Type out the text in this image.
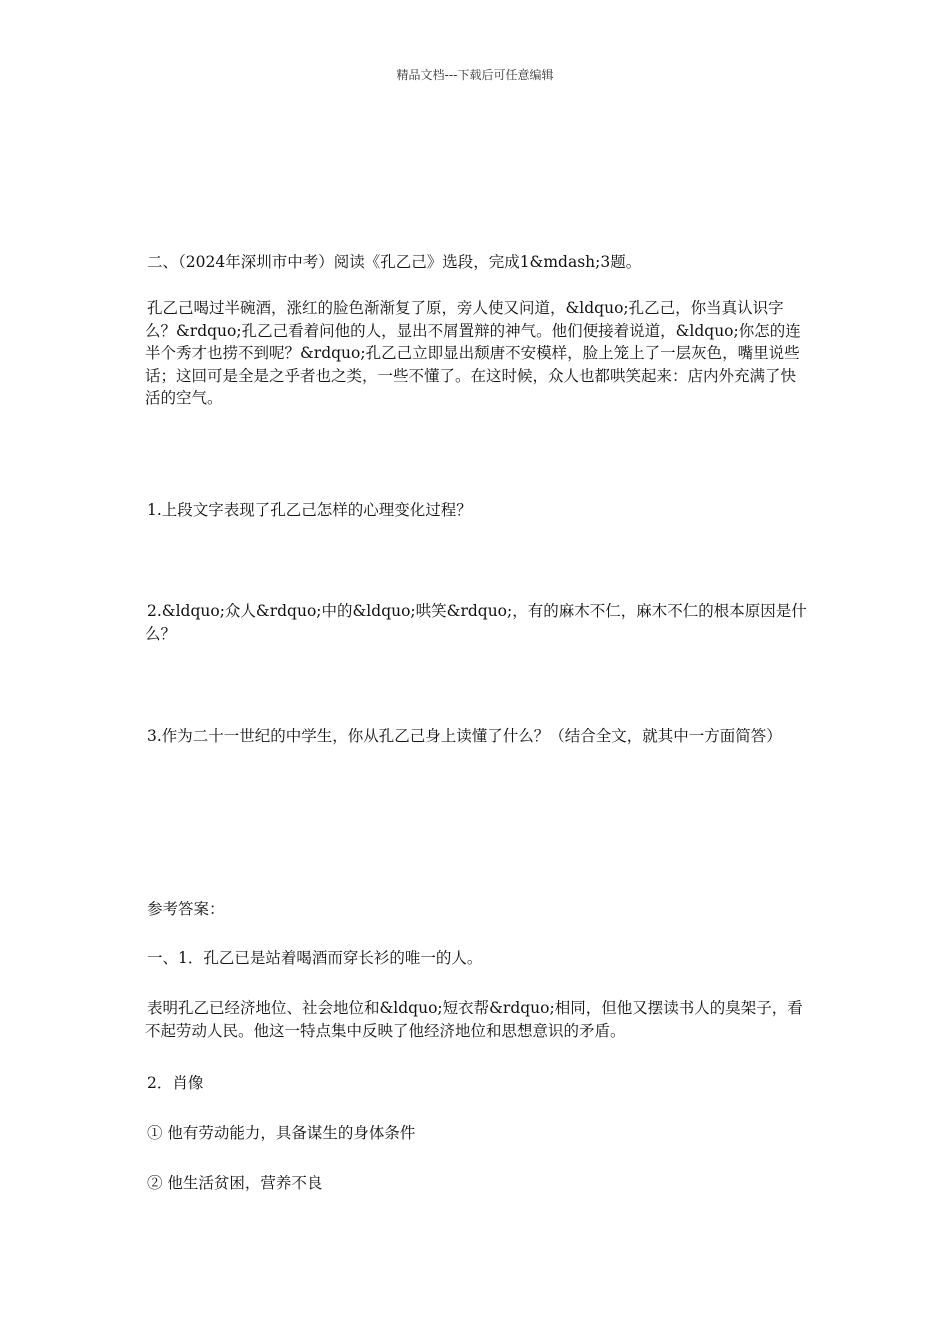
精品文档---下载后可任意编辑

二、（2024年深圳市中考）阅读《孔乙己》选段，完成1&mdash;3题。

孔乙己喝过半碗酒，涨红的脸色渐渐复了原，旁人使又问道，&ldquo;孔乙己，你当真认识字么？&rdquo;孔乙己看着问他的人，显出不屑置辩的神气。他们便接着说道，&ldquo;你怎的连半个秀才也捞不到呢？&rdquo;孔乙己立即显出颓唐不安模样，脸上笼上了一层灰色，嘴里说些话；这回可是全是之乎者也之类，一些不懂了。在这时候，众人也都哄笑起来：店内外充满了快活的空气。

1.上段文字表现了孔乙己怎样的心理变化过程？

2.&ldquo;众人&rdquo;中的&ldquo;哄笑&rdquo;，有的麻木不仁，麻木不仁的根本原因是什么？

3.作为二十一世纪的中学生，你从孔乙己身上读懂了什么？（结合全文，就其中一方面简答）

参考答案：

一、1．孔乙已是站着喝酒而穿长衫的唯一的人。

表明孔乙已经济地位、社会地位和&ldquo;短衣帮&rdquo;相同，但他又摆读书人的臭架子，看不起劳动人民。他这一特点集中反映了他经济地位和思想意识的矛盾。

2．肖像

① 他有劳动能力，具备谋生的身体条件

② 他生活贫困，营养不良
